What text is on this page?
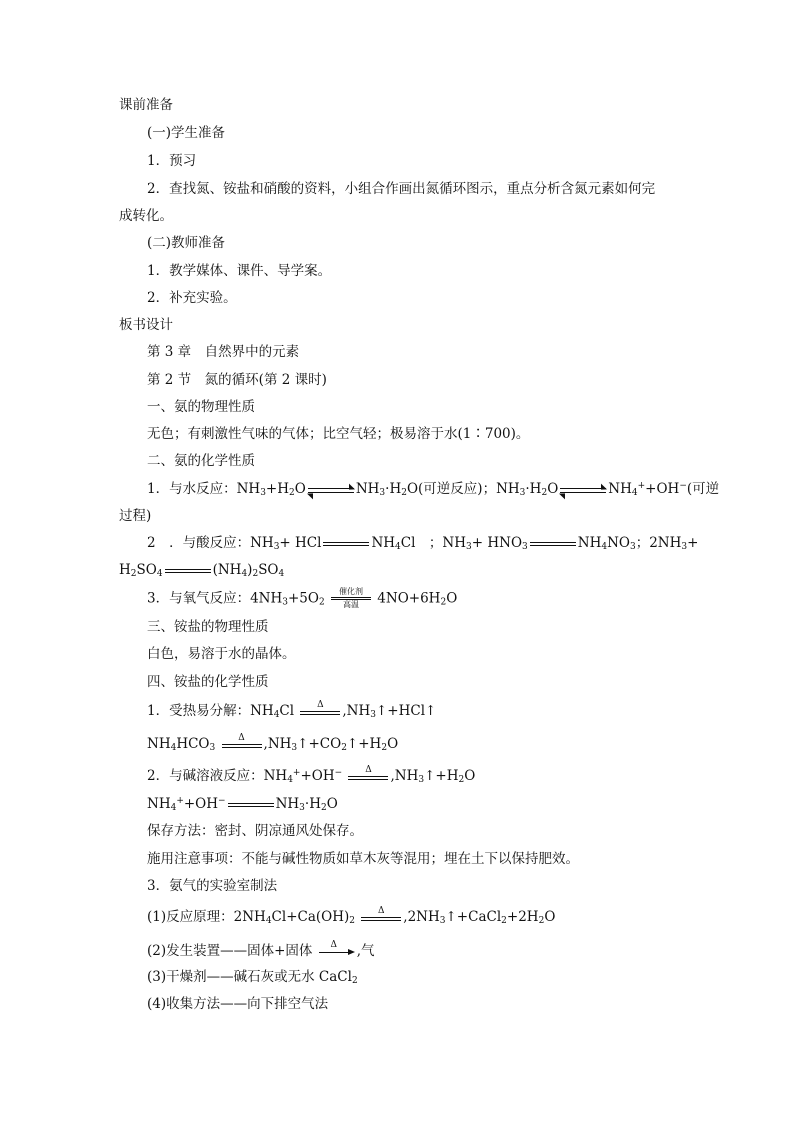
课前准备
(一)学生准备
1．预习
2．查找氮、铵盐和硝酸的资料，小组合作画出氮循环图示，重点分析含氮元素如何完
成转化。
(二)教师准备
1．教学媒体、课件、导学案。
2．补充实验。
板书设计
第 3 章　自然界中的元素
第 2 节　氮的循环(第 2 课时)
一、氨的物理性质
无色；有刺激性气味的气体；比空气轻；极易溶于水(1∶700)。
二、氨的化学性质
1．与水反应：$NH_3+H_2O$	$NH_3\cdot H_2O$(可逆反应)；$NH_3\cdot H_2O$	$NH_4^++OH^-$(可逆
过程)
2　．与酸反应：$NH_3$ + HCl	$NH_4Cl$　；$NH_3 + HNO_3$	$NH_4NO_3$ ；$2NH_3$ +
$H_2SO_4$	$(NH_4)_2SO_4$
3．与氧气反应：$4NH_3+5O_2$
催化剂
高温	$4NO+6H_2O$
三、铵盐的物理性质
白色，易溶于水的晶体。
四、铵盐的化学性质
1．受热易分解：$NH_4Cl$	Δ	$,NH_3↑+HCl↑$
$NH_4HCO_3$
Δ	$,NH_3↑+CO_2↑+H_2O$
2．与碱溶液反应：$NH_4^++OH^-$	Δ	$,NH_3↑+H_2O$
$NH_4^++OH^-$	$NH_3\cdot H_2O$
保存方法：密封、阴凉通风处保存。
施用注意事项：不能与碱性物质如草木灰等混用；埋在土下以保持肥效。
3．氨气的实验室制法
(1)反应原理：$2NH_4Cl+Ca(OH)_2$
Δ	$,2NH_3↑+CaCl_2+2H_2O$
(2)发生装置——固体+固体	Δ	,气
(3)干燥剂——碱石灰或无水 CaCl$_2$
(4)收集方法——向下排空气法
